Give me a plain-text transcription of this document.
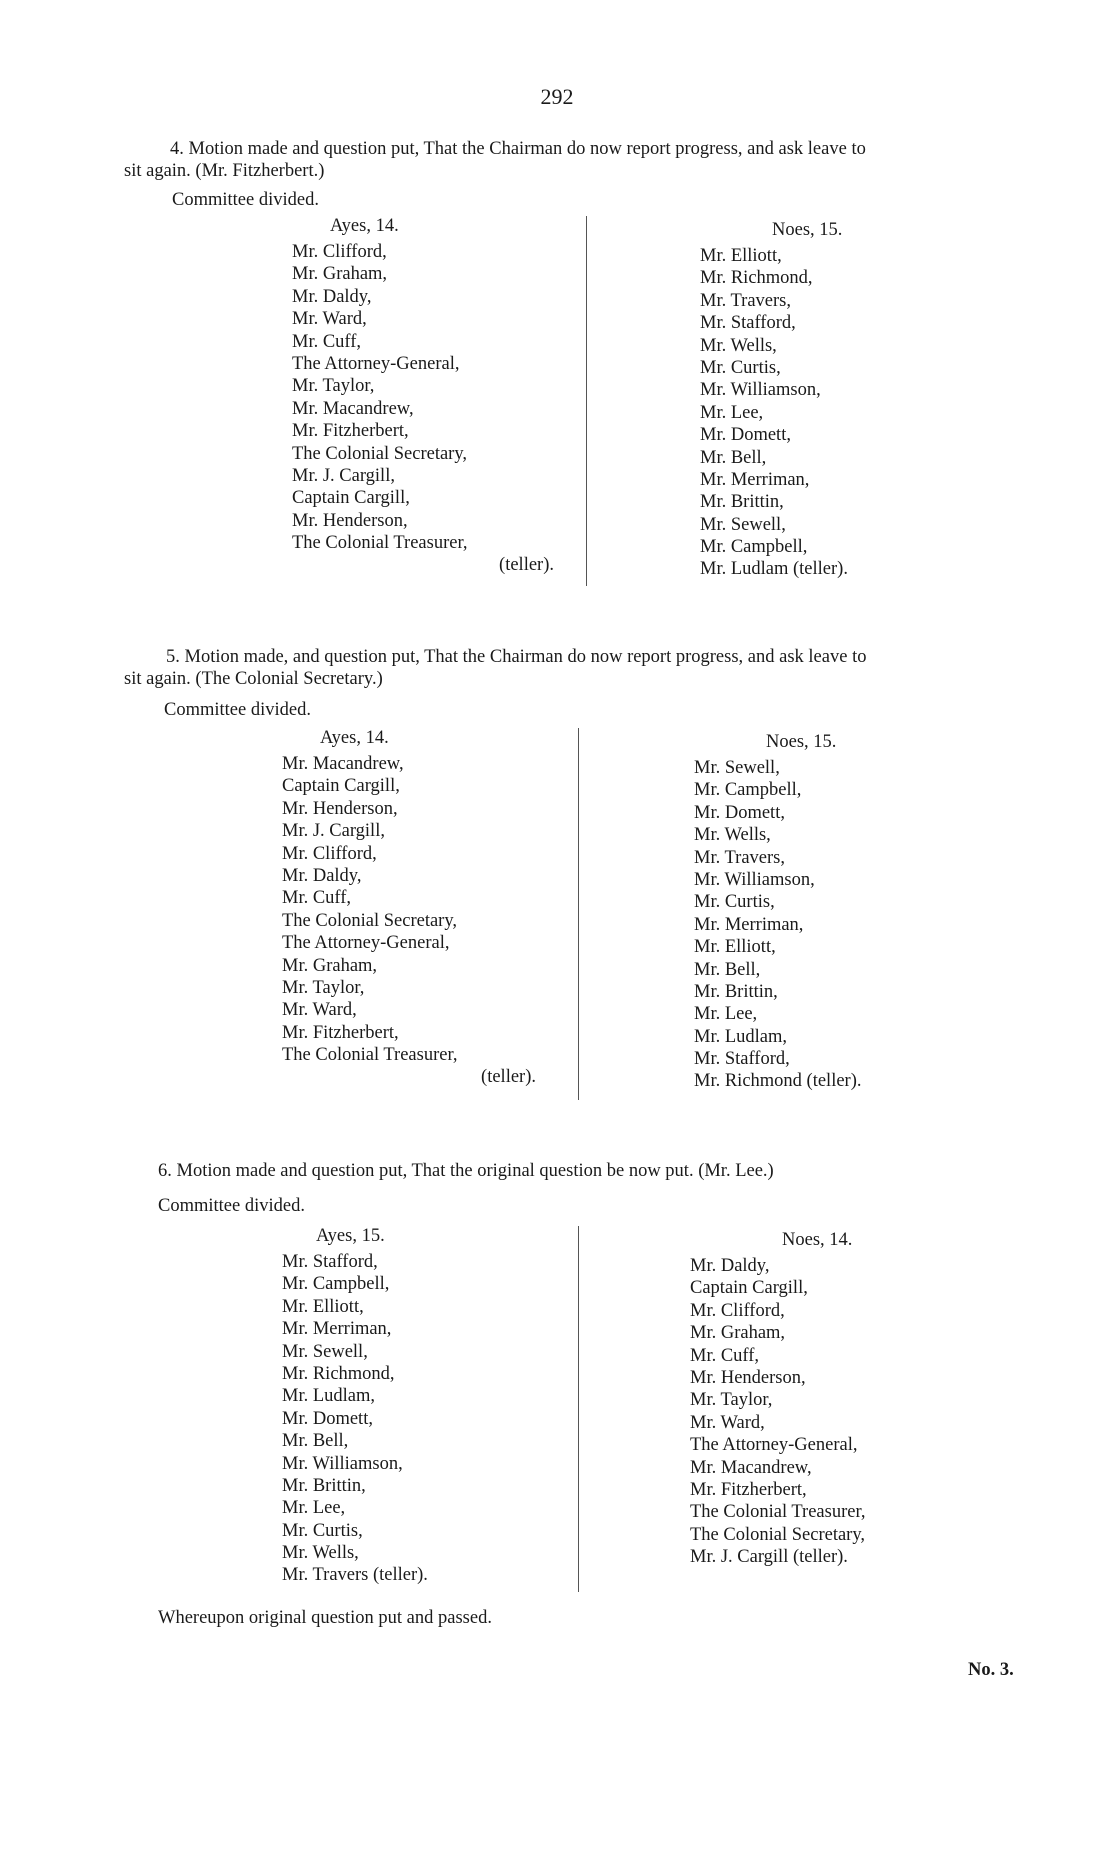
292

4. Motion made and question put, That the Chairman do now report progress, and ask leave to
sit again. (Mr. Fitzherbert.)

Committee divided.

Ayes, 14.
Mr. Clifford,
Mr. Graham,
Mr. Daldy,
Mr. Ward,
Mr. Cuff,
The Attorney-General,
Mr. Taylor,
Mr. Macandrew,
Mr. Fitzherbert,
The Colonial Secretary,
Mr. J. Cargill,
Captain Cargill,
Mr. Henderson,
The Colonial Treasurer,
(teller).
Noes, 15.
Mr. Elliott,
Mr. Richmond,
Mr. Travers,
Mr. Stafford,
Mr. Wells,
Mr. Curtis,
Mr. Williamson,
Mr. Lee,
Mr. Domett,
Mr. Bell,
Mr. Merriman,
Mr. Brittin,
Mr. Sewell,
Mr. Campbell,
Mr. Ludlam (teller).

5. Motion made, and question put, That the Chairman do now report progress, and ask leave to
sit again. (The Colonial Secretary.)

Committee divided.

Ayes, 14.
Mr. Macandrew,
Captain Cargill,
Mr. Henderson,
Mr. J. Cargill,
Mr. Clifford,
Mr. Daldy,
Mr. Cuff,
The Colonial Secretary,
The Attorney-General,
Mr. Graham,
Mr. Taylor,
Mr. Ward,
Mr. Fitzherbert,
The Colonial Treasurer,
(teller).
Noes, 15.
Mr. Sewell,
Mr. Campbell,
Mr. Domett,
Mr. Wells,
Mr. Travers,
Mr. Williamson,
Mr. Curtis,
Mr. Merriman,
Mr. Elliott,
Mr. Bell,
Mr. Brittin,
Mr. Lee,
Mr. Ludlam,
Mr. Stafford,
Mr. Richmond (teller).

6. Motion made and question put, That the original question be now put. (Mr. Lee.)

Committee divided.

Ayes, 15.
Mr. Stafford,
Mr. Campbell,
Mr. Elliott,
Mr. Merriman,
Mr. Sewell,
Mr. Richmond,
Mr. Ludlam,
Mr. Domett,
Mr. Bell,
Mr. Williamson,
Mr. Brittin,
Mr. Lee,
Mr. Curtis,
Mr. Wells,
Mr. Travers (teller).
Noes, 14.
Mr. Daldy,
Captain Cargill,
Mr. Clifford,
Mr. Graham,
Mr. Cuff,
Mr. Henderson,
Mr. Taylor,
Mr. Ward,
The Attorney-General,
Mr. Macandrew,
Mr. Fitzherbert,
The Colonial Treasurer,
The Colonial Secretary,
Mr. J. Cargill (teller).

Whereupon original question put and passed.

No. 3.
